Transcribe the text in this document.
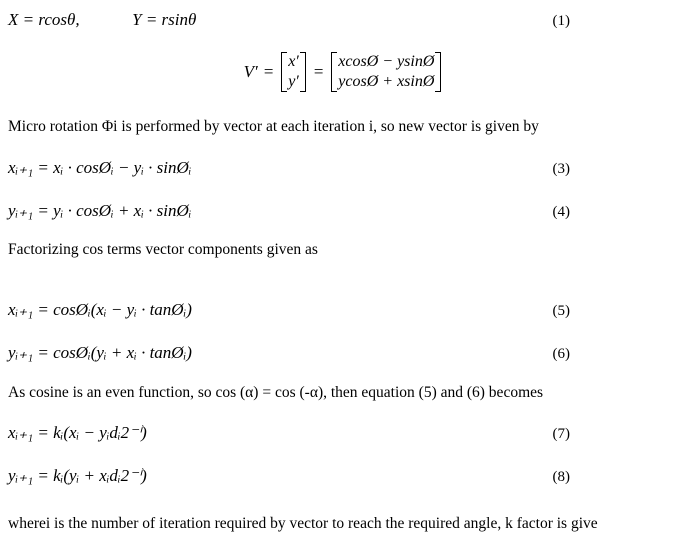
X = rcosθ,	Y = rsinθ	(1)
V′ =
x′
y′
=
xcosØ − ysinØ
ycosØ + xsinØ
Micro rotation Φi is performed by vector at each iteration i, so new vector is given by
xᵢ₊₁ = xᵢ · cosØᵢ − yᵢ · sinØᵢ	(3)
yᵢ₊₁ = yᵢ · cosØᵢ + xᵢ · sinØᵢ	(4)
Factorizing cos terms vector components given as
xᵢ₊₁ = cosØᵢ(xᵢ − yᵢ · tanØᵢ)	(5)
yᵢ₊₁ = cosØᵢ(yᵢ + xᵢ · tanØᵢ)	(6)
As cosine is an even function, so cos (α) = cos (-α), then equation (5) and (6) becomes
xᵢ₊₁ = kᵢ(xᵢ − yᵢdᵢ2⁻ⁱ)	(7)
yᵢ₊₁ = kᵢ(yᵢ + xᵢdᵢ2⁻ⁱ)	(8)
wherei is the number of iteration required by vector to reach the required angle, k factor is give
